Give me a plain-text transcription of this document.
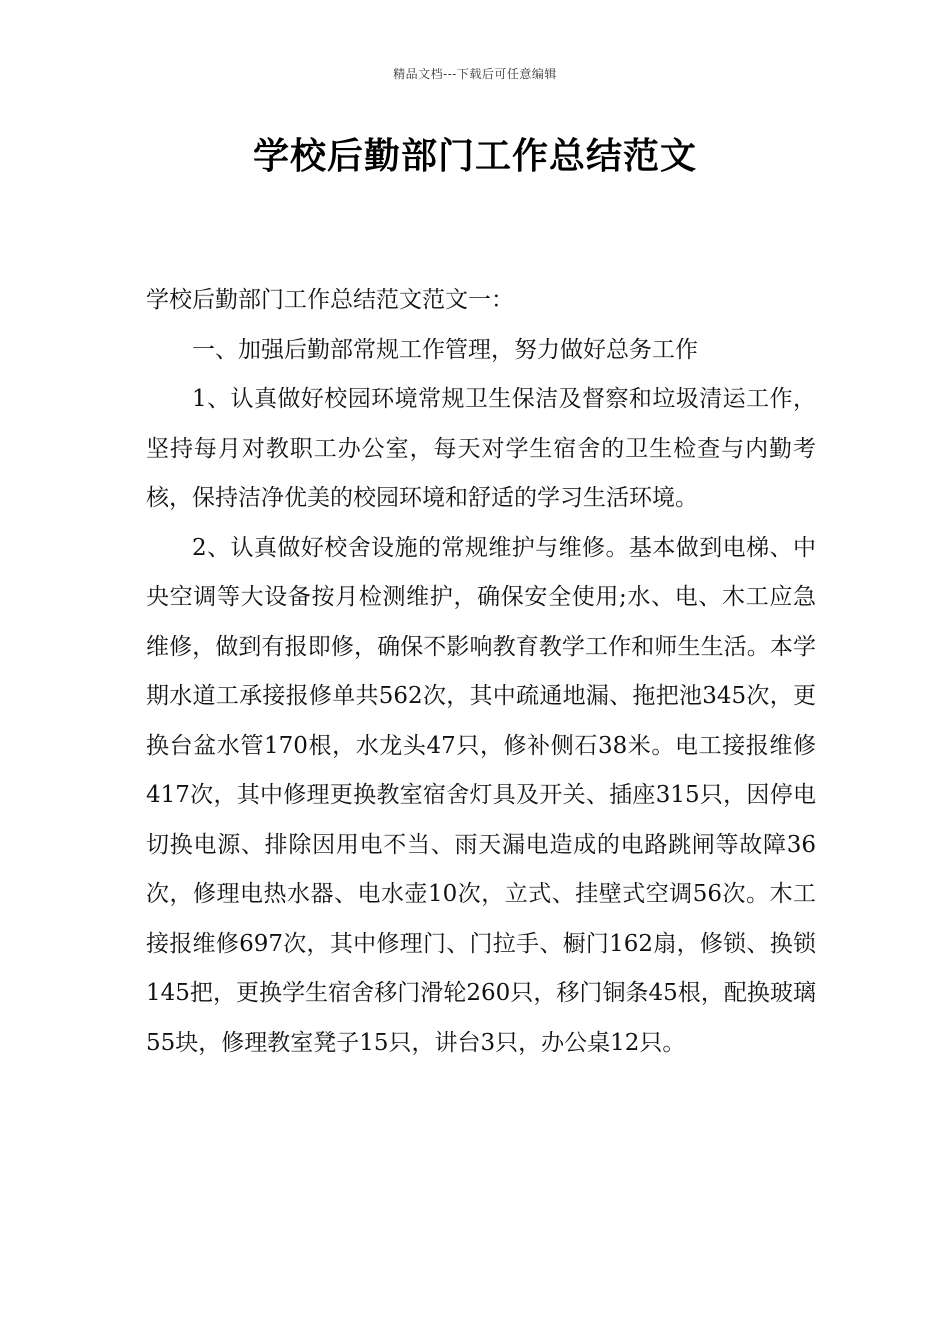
精品文档---下载后可任意编辑
学校后勤部门工作总结范文

学校后勤部门工作总结范文范文一：

一、加强后勤部常规工作管理，努力做好总务工作

1、认真做好校园环境常规卫生保洁及督察和垃圾清运工作，坚持每月对教职工办公室，每天对学生宿舍的卫生检查与内勤考核，保持洁净优美的校园环境和舒适的学习生活环境。

2、认真做好校舍设施的常规维护与维修。基本做到电梯、中央空调等大设备按月检测维护，确保安全使用;水、电、木工应急维修，做到有报即修，确保不影响教育教学工作和师生生活。本学期水道工承接报修单共562次，其中疏通地漏、拖把池345次，更换台盆水管170根，水龙头47只，修补侧石38米。电工接报维修417次，其中修理更换教室宿舍灯具及开关、插座315只，因停电切换电源、排除因用电不当、雨天漏电造成的电路跳闸等故障36次，修理电热水器、电水壶10次，立式、挂壁式空调56次。木工接报维修697次，其中修理门、门拉手、橱门162扇，修锁、换锁145把，更换学生宿舍移门滑轮260只，移门铜条45根，配换玻璃55块，修理教室凳子15只，讲台3只，办公桌12只。
